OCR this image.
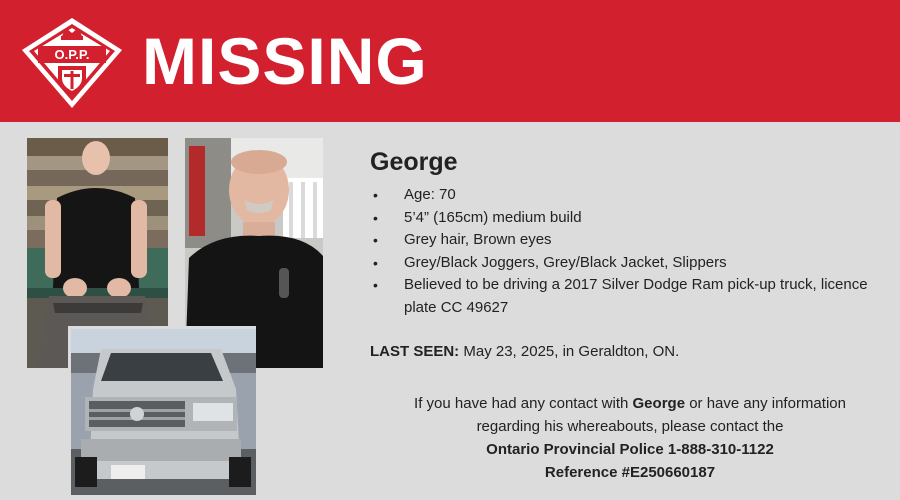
O.P.P. MISSING
George
• Age: 70
• 5’4” (165cm) medium build
• Grey hair, Brown eyes
• Grey/Black Joggers, Grey/Black Jacket, Slippers
• Believed to be driving a 2017 Silver Dodge Ram pick-up truck, licence plate CC 49627
LAST SEEN: May 23, 2025, in Geraldton, ON.
If you have had any contact with George or have any information
regarding his whereabouts, please contact the
Ontario Provincial Police 1-888-310-1122
Reference #E250660187
